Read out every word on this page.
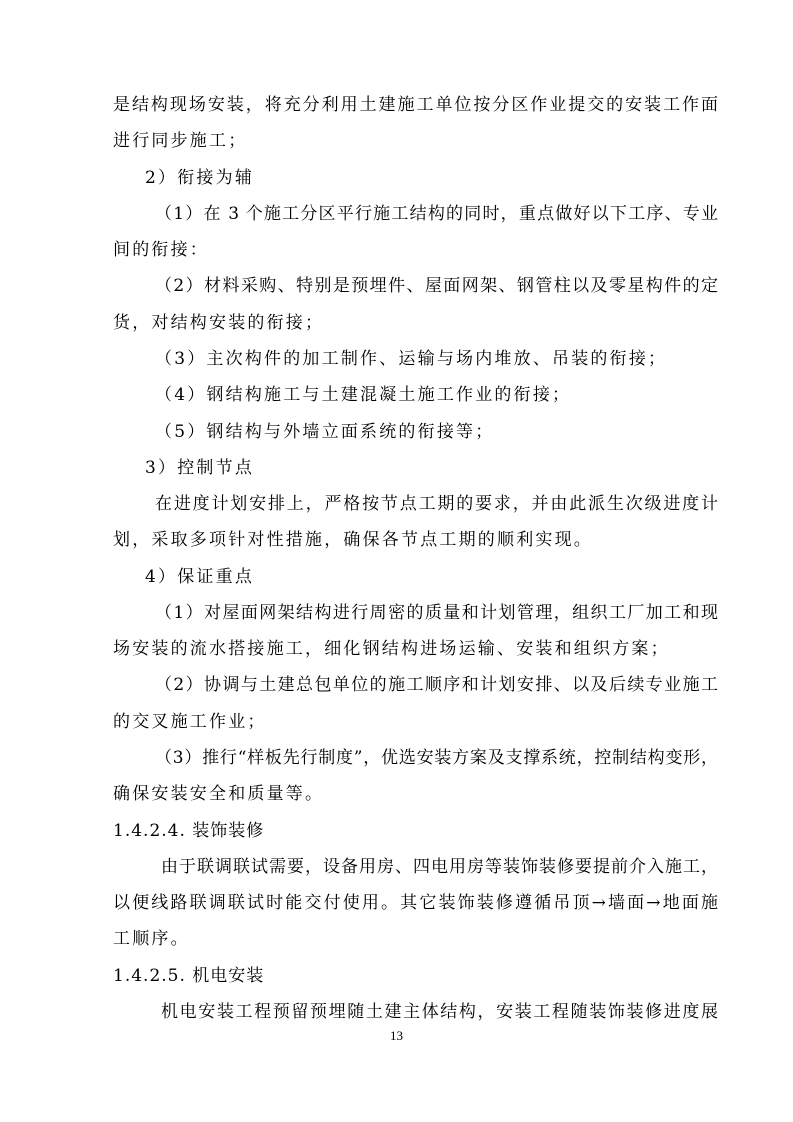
是结构现场安装，将充分利用土建施工单位按分区作业提交的安装工作面
进行同步施工；
2）衔接为辅
（1）在 3 个施工分区平行施工结构的同时，重点做好以下工序、专业
间的衔接：
（2）材料采购、特别是预埋件、屋面网架、钢管柱以及零星构件的定
货，对结构安装的衔接；
（3）主次构件的加工制作、运输与场内堆放、吊装的衔接；
（4）钢结构施工与土建混凝土施工作业的衔接；
（5）钢结构与外墙立面系统的衔接等；
3）控制节点
在进度计划安排上，严格按节点工期的要求，并由此派生次级进度计
划，采取多项针对性措施，确保各节点工期的顺利实现。
4）保证重点
（1）对屋面网架结构进行周密的质量和计划管理，组织工厂加工和现
场安装的流水搭接施工，细化钢结构进场运输、安装和组织方案；
（2）协调与土建总包单位的施工顺序和计划安排、以及后续专业施工
的交叉施工作业；
（3）推行“样板先行制度”，优选安装方案及支撑系统，控制结构变形，
确保安装安全和质量等。
1.4.2.4. 装饰装修
由于联调联试需要，设备用房、四电用房等装饰装修要提前介入施工，
以便线路联调联试时能交付使用。其它装饰装修遵循吊顶→墙面→地面施
工顺序。
1.4.2.5. 机电安装
机电安装工程预留预埋随土建主体结构，安装工程随装饰装修进度展
13
